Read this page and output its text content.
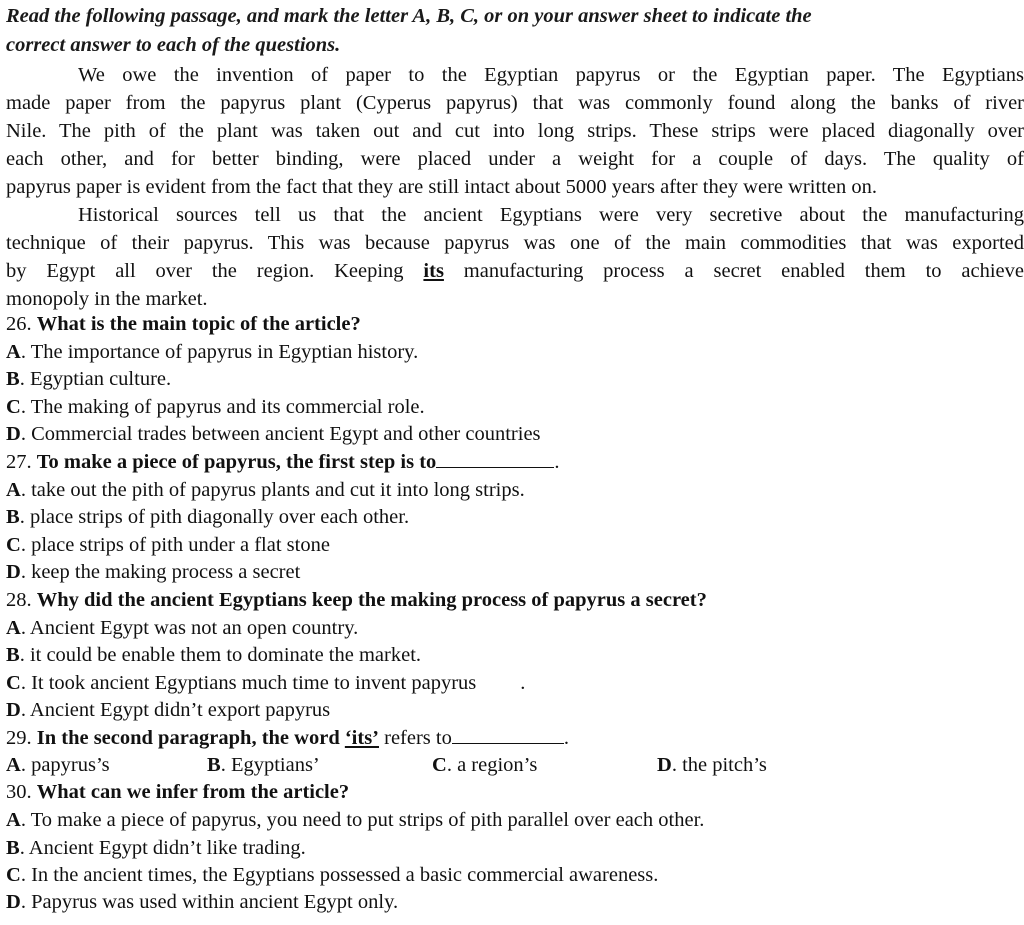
Read the following passage, and mark the letter A, B, C, or on your answer sheet to indicate the
correct answer to each of the questions.
We owe the invention of paper to the Egyptian papyrus or the Egyptian paper. The Egyptians
made paper from the papyrus plant (Cyperus papyrus) that was commonly found along the banks of river
Nile. The pith of the plant was taken out and cut into long strips. These strips were placed diagonally over
each other, and for better binding, were placed under a weight for a couple of days. The quality of
papyrus paper is evident from the fact that they are still intact about 5000 years after they were written on.
Historical sources tell us that the ancient Egyptians were very secretive about the manufacturing
technique of their papyrus. This was because papyrus was one of the main commodities that was exported
by Egypt all over the region. Keeping its manufacturing process a secret enabled them to achieve
monopoly in the market.
26. What is the main topic of the article?
A. The importance of papyrus in Egyptian history.
B. Egyptian culture.
C. The making of papyrus and its commercial role.
D. Commercial trades between ancient Egypt and other countries
27. To make a piece of papyrus, the first step is to	.
A. take out the pith of papyrus plants and cut it into long strips.
B. place strips of pith diagonally over each other.
C. place strips of pith under a flat stone
D. keep the making process a secret
28. Why did the ancient Egyptians keep the making process of papyrus a secret?
A. Ancient Egypt was not an open country.
B. it could be enable them to dominate the market.
C. It took ancient Egyptians much time to invent papyrus .
D. Ancient Egypt didn’t export papyrus
29. In the second paragraph, the word ‘its’ refers to	.
A. papyrus’s	B. Egyptians’	C. a region’s	D. the pitch’s
30. What can we infer from the article?
A. To make a piece of papyrus, you need to put strips of pith parallel over each other.
B. Ancient Egypt didn’t like trading.
C. In the ancient times, the Egyptians possessed a basic commercial awareness.
D. Papyrus was used within ancient Egypt only.
